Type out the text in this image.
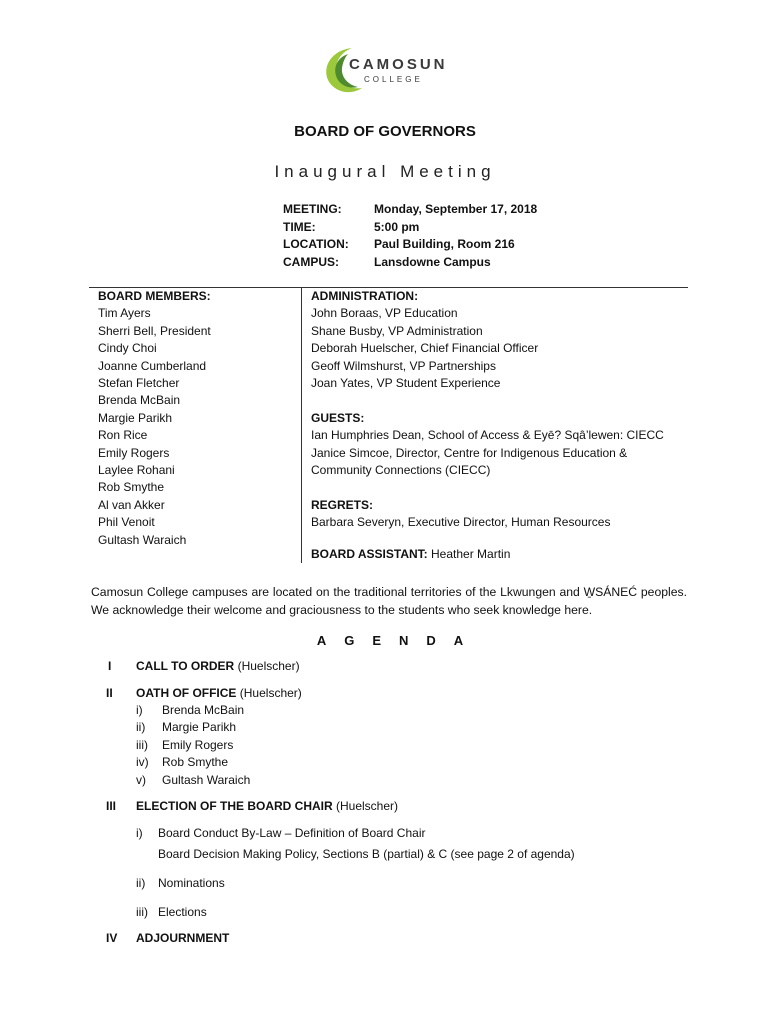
CAMOSUN
COLLEGE
BOARD OF GOVERNORS
Inaugural Meeting
MEETING:	Monday, September 17, 2018
TIME:	5:00 pm
LOCATION:	Paul Building, Room 216
CAMPUS:	Lansdowne Campus
BOARD MEMBERS:
Tim Ayers
Sherri Bell, President
Cindy Choi
Joanne Cumberland
Stefan Fletcher
Brenda McBain
Margie Parikh
Ron Rice
Emily Rogers
Laylee Rohani
Rob Smythe
Al van Akker
Phil Venoit
Gultash Waraich
ADMINISTRATION:
John Boraas, VP Education
Shane Busby, VP Administration
Deborah Huelscher, Chief Financial Officer
Geoff Wilmshurst, VP Partnerships
Joan Yates, VP Student Experience
GUESTS:
Ian Humphries Dean, School of Access & Eyē? Sqâ’lewen: CIECC
Janice Simcoe, Director, Centre for Indigenous Education &
Community Connections (CIECC)
REGRETS:
Barbara Severyn, Executive Director, Human Resources
BOARD ASSISTANT: Heather Martin
Camosun College campuses are located on the traditional territories of the Lkwungen and W̱SÁNEĆ peoples. We acknowledge their welcome and graciousness to the students who seek knowledge here.
AGENDA
I CALL TO ORDER (Huelscher)
II OATH OF OFFICE (Huelscher)
i) Brenda McBain
ii) Margie Parikh
iii) Emily Rogers
iv) Rob Smythe
v) Gultash Waraich
III ELECTION OF THE BOARD CHAIR (Huelscher)
i) Board Conduct By-Law – Definition of Board Chair
Board Decision Making Policy, Sections B (partial) & C (see page 2 of agenda)
ii) Nominations
iii) Elections
IV ADJOURNMENT
